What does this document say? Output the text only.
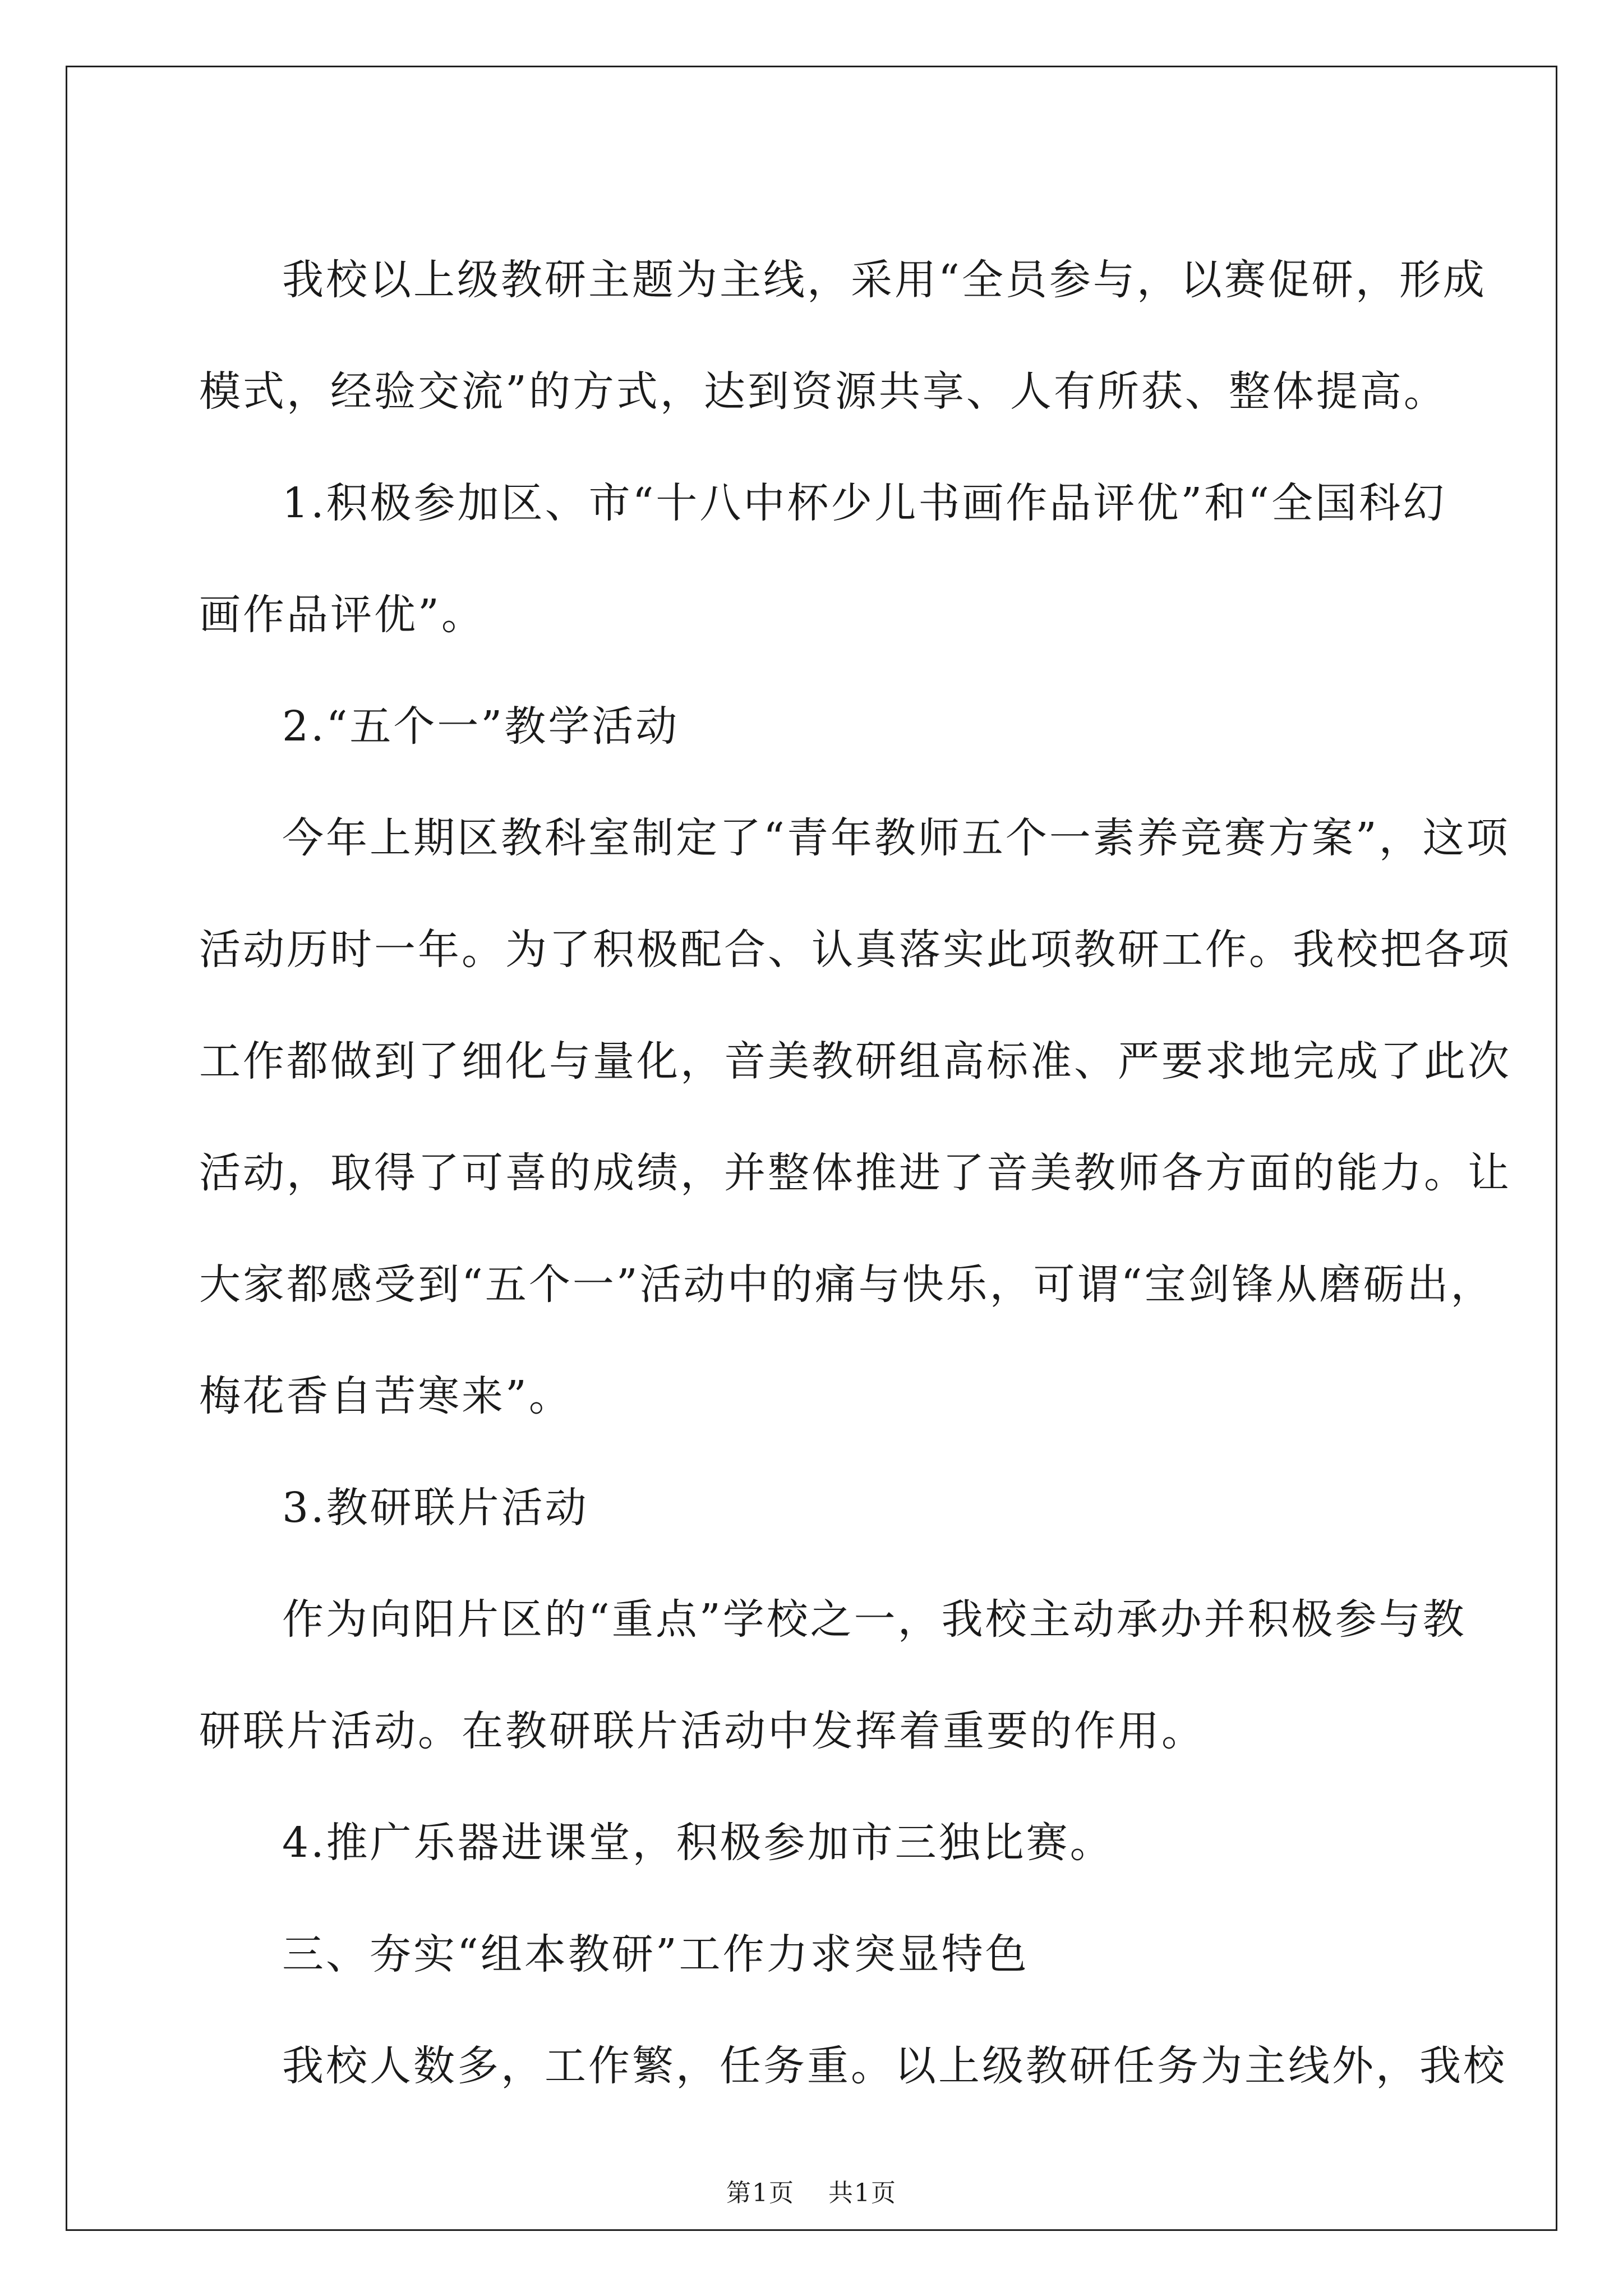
我校以上级教研主题为主线，采用“全员参与，以赛促研，形成
模式，经验交流”的方式，达到资源共享、人有所获、整体提高。
1.积极参加区、市“十八中杯少儿书画作品评优”和“全国科幻
画作品评优”。
2.“五个一”教学活动
今年上期区教科室制定了“青年教师五个一素养竞赛方案”，这项
活动历时一年。为了积极配合、认真落实此项教研工作。我校把各项
工作都做到了细化与量化，音美教研组高标准、严要求地完成了此次
活动，取得了可喜的成绩，并整体推进了音美教师各方面的能力。让
大家都感受到“五个一”活动中的痛与快乐，可谓“宝剑锋从磨砺出，
梅花香自苦寒来”。
3.教研联片活动
作为向阳片区的“重点”学校之一，我校主动承办并积极参与教
研联片活动。在教研联片活动中发挥着重要的作用。
4.推广乐器进课堂，积极参加市三独比赛。
三、夯实“组本教研”工作力求突显特色
我校人数多，工作繁，任务重。以上级教研任务为主线外，我校
第1页 共1页
